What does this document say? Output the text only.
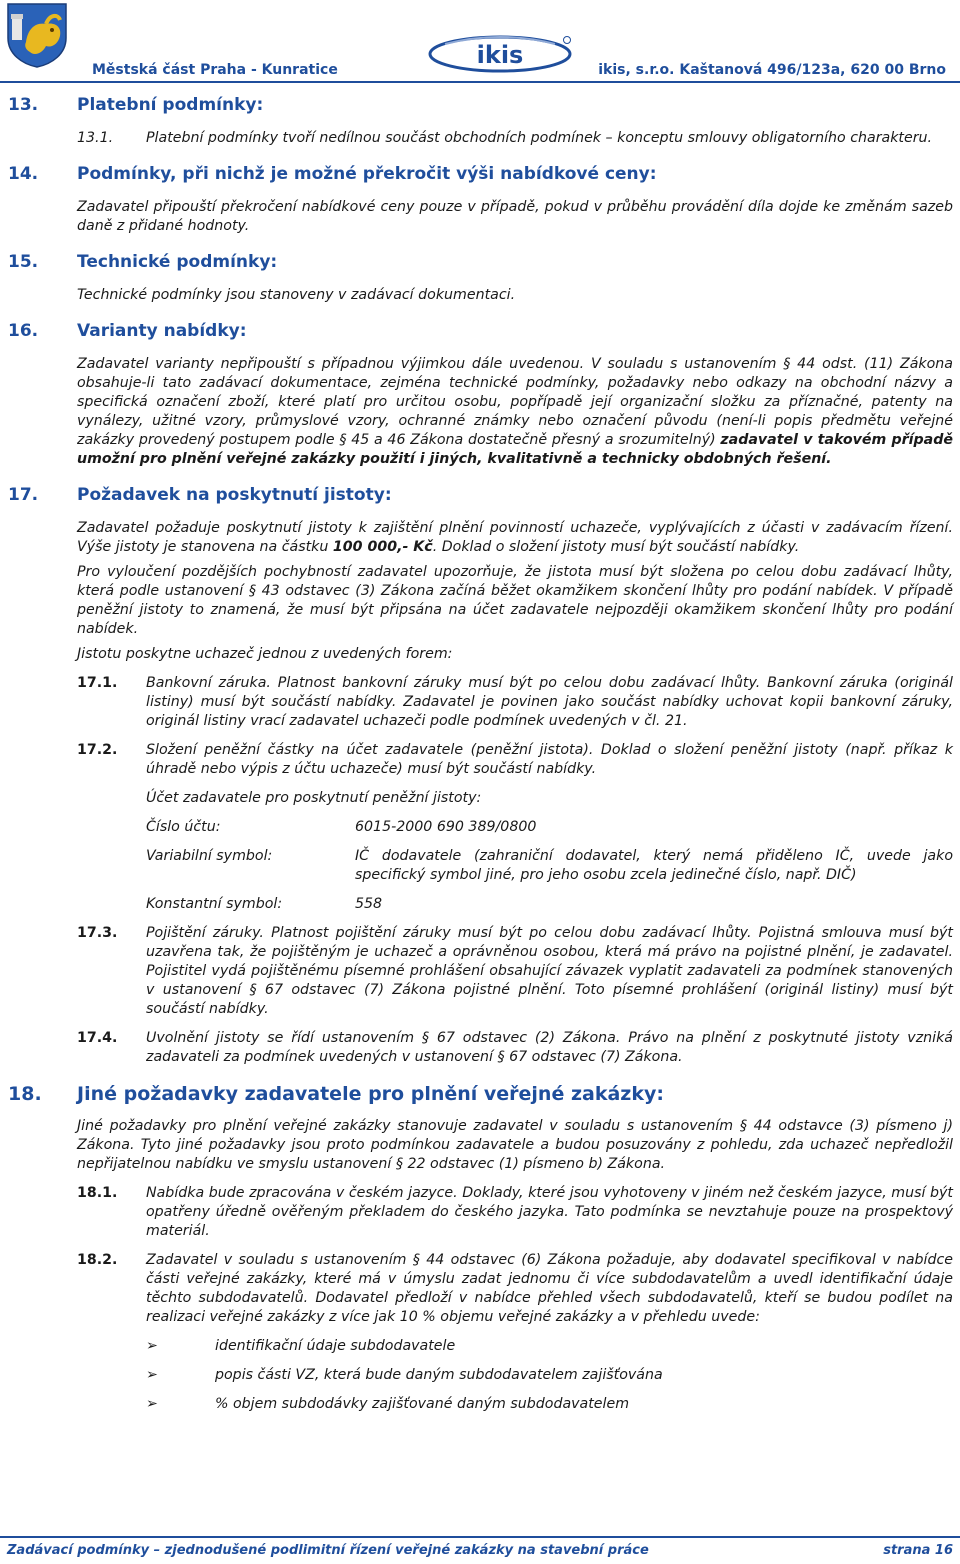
Městská část Praha - Kunratice
ikis
ikis, s.r.o. Kaštanová 496/123a, 620 00 Brno
13. Platební podmínky:
13.1. Platební podmínky tvoří nedílnou součást obchodních podmínek – konceptu smlouvy obligatorního charakteru.
14. Podmínky, při nichž je možné překročit výši nabídkové ceny:

Zadavatel připouští překročení nabídkové ceny pouze v případě, pokud v průběhu provádění díla dojde ke změnám sazeb daně z přidané hodnoty.

15. Technické podmínky:

Technické podmínky jsou stanoveny v zadávací dokumentaci.

16. Varianty nabídky:

Zadavatel varianty nepřipouští s případnou výjimkou dále uvedenou. V souladu s ustanovením § 44 odst. (11) Zákona obsahuje-li tato zadávací dokumentace, zejména technické podmínky, požadavky nebo odkazy na obchodní názvy a specifická označení zboží, které platí pro určitou osobu, popřípadě její organizační složku za příznačné, patenty na vynálezy, užitné vzory, průmyslové vzory, ochranné známky nebo označení původu (není-li popis předmětu veřejné zakázky provedený postupem podle § 45 a 46 Zákona dostatečně přesný a srozumitelný) zadavatel v takovém případě umožní pro plnění veřejné zakázky použití i jiných, kvalitativně a technicky obdobných řešení.

17. Požadavek na poskytnutí jistoty:

Zadavatel požaduje poskytnutí jistoty k zajištění plnění povinností uchazeče, vyplývajících z účasti v zadávacím řízení. Výše jistoty je stanovena na částku 100 000,- Kč. Doklad o složení jistoty musí být součástí nabídky.

Pro vyloučení pozdějších pochybností zadavatel upozorňuje, že jistota musí být složena po celou dobu zadávací lhůty, která podle ustanovení § 43 odstavec (3) Zákona začíná běžet okamžikem skončení lhůty pro podání nabídek. V případě peněžní jistoty to znamená, že musí být připsána na účet zadavatele nejpozději okamžikem skončení lhůty pro podání nabídek.

Jistotu poskytne uchazeč jednou z uvedených forem:

17.1. Bankovní záruka. Platnost bankovní záruky musí být po celou dobu zadávací lhůty. Bankovní záruka (originál listiny) musí být součástí nabídky. Zadavatel je povinen jako součást nabídky uchovat kopii bankovní záruky, originál listiny vrací zadavatel uchazeči podle podmínek uvedených v čl. 21.
17.2. Složení peněžní částky na účet zadavatele (peněžní jistota). Doklad o složení peněžní jistoty (např. příkaz k úhradě nebo výpis z účtu uchazeče) musí být součástí nabídky.
Účet zadavatele pro poskytnutí peněžní jistoty:
Číslo účtu:	6015-2000 690 389/0800
Variabilní symbol:	IČ dodavatele (zahraniční dodavatel, který nemá přiděleno IČ, uvede jako specifický symbol jiné, pro jeho osobu zcela jedinečné číslo, např. DIČ)
Konstantní symbol:	558
17.3. Pojištění záruky. Platnost pojištění záruky musí být po celou dobu zadávací lhůty. Pojistná smlouva musí být uzavřena tak, že pojištěným je uchazeč a oprávněnou osobou, která má právo na pojistné plnění, je zadavatel. Pojistitel vydá pojištěnému písemné prohlášení obsahující závazek vyplatit zadavateli za podmínek stanovených v ustanovení § 67 odstavec (7) Zákona pojistné plnění. Toto písemné prohlášení (originál listiny) musí být součástí nabídky.
17.4. Uvolnění jistoty se řídí ustanovením § 67 odstavec (2) Zákona. Právo na plnění z poskytnuté jistoty vzniká zadavateli za podmínek uvedených v ustanovení § 67 odstavec (7) Zákona.
18. Jiné požadavky zadavatele pro plnění veřejné zakázky:

Jiné požadavky pro plnění veřejné zakázky stanovuje zadavatel v souladu s ustanovením § 44 odstavce (3) písmeno j) Zákona. Tyto jiné požadavky jsou proto podmínkou zadavatele a budou posuzovány z pohledu, zda uchazeč nepředložil nepřijatelnou nabídku ve smyslu ustanovení § 22 odstavec (1) písmeno b) Zákona.

18.1. Nabídka bude zpracována v českém jazyce. Doklady, které jsou vyhotoveny v jiném než českém jazyce, musí být opatřeny úředně ověřeným překladem do českého jazyka. Tato podmínka se nevztahuje pouze na prospektový materiál.
18.2. Zadavatel v souladu s ustanovením § 44 odstavec (6) Zákona požaduje, aby dodavatel specifikoval v nabídce části veřejné zakázky, které má v úmyslu zadat jednomu či více subdodavatelům a uvedl identifikační údaje těchto subdodavatelů. Dodavatel předloží v nabídce přehled všech subdodavatelů, kteří se budou podílet na realizaci veřejné zakázky z více jak 10 % objemu veřejné zakázky a v přehledu uvede:
➢	identifikační údaje subdodavatele
➢	popis části VZ, která bude daným subdodavatelem zajišťována
➢	% objem subdodávky zajišťované daným subdodavatelem
Zadávací podmínky – zjednodušené podlimitní řízení veřejné zakázky na stavební práce	strana 16
